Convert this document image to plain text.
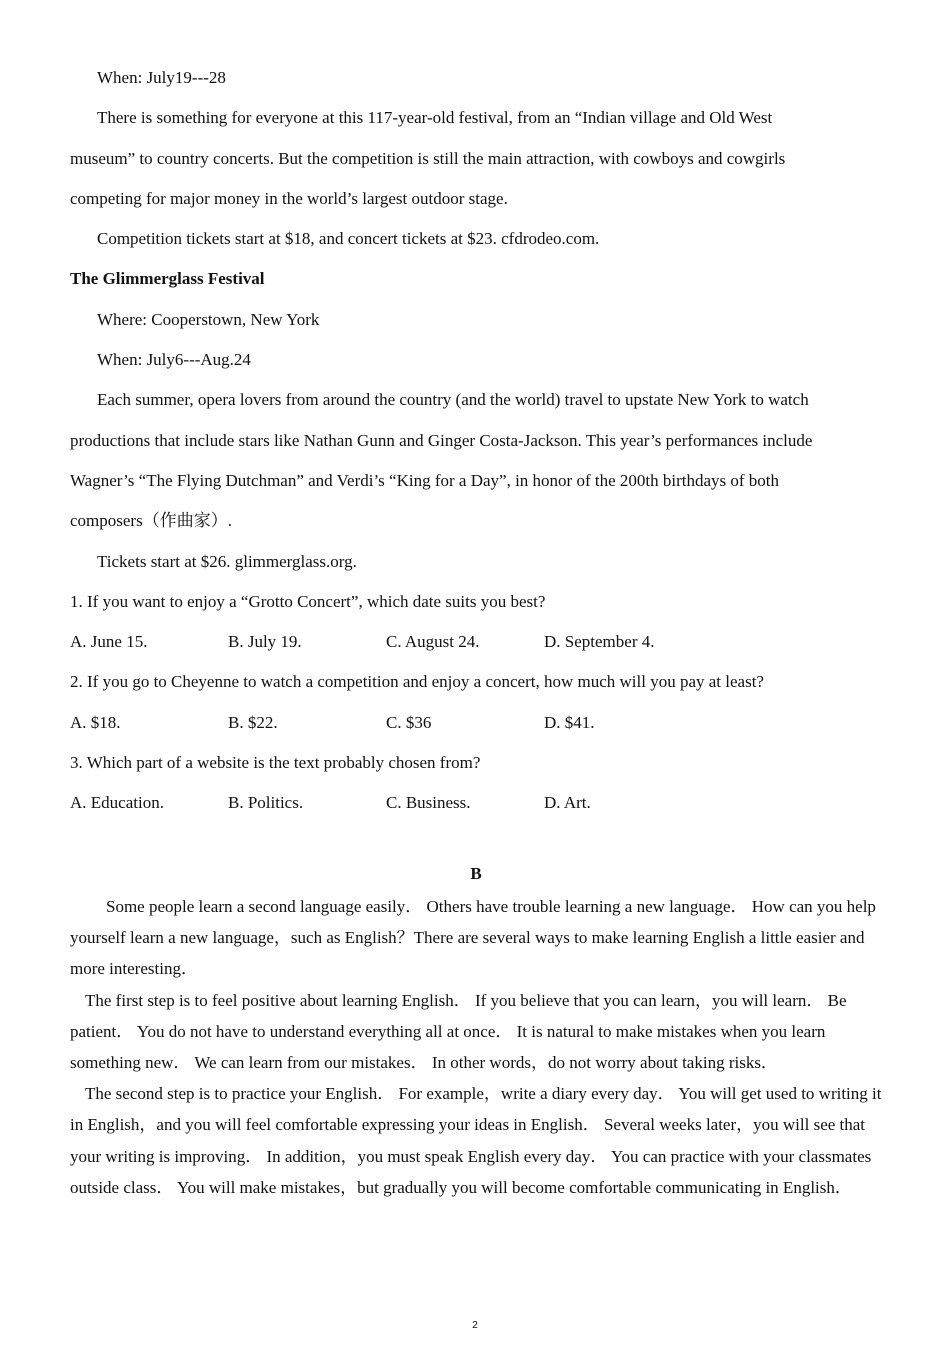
When: July19---28

There is something for everyone at this 117-year-old festival, from an “Indian village and Old West

museum” to country concerts. But the competition is still the main attraction, with cowboys and cowgirls

competing for major money in the world’s largest outdoor stage.

Competition tickets start at $18, and concert tickets at $23. cfdrodeo.com.

The Glimmerglass Festival

Where: Cooperstown, New York

When: July6---Aug.24

Each summer, opera lovers from around the country (and the world) travel to upstate New York to watch

productions that include stars like Nathan Gunn and Ginger Costa-Jackson. This year’s performances include

Wagner’s “The Flying Dutchman” and Verdi’s “King for a Day”, in honor of the 200th birthdays of both

composers（作曲家）.

Tickets start at $26. glimmerglass.org.

1. If you want to enjoy a “Grotto Concert”, which date suits you best?

A. June 15.	B. July 19.	C. August 24.	D. September 4.

2. If you go to Cheyenne to watch a competition and enjoy a concert, how much will you pay at least?

A. $18.	B. $22.	C. $36	D. $41.

3. Which part of a website is the text probably chosen from?

A. Education.	B. Politics.	C. Business.	D. Art.

B

Some people learn a second language easily． Others have trouble learning a new language． How can you help yourself learn a new language，such as English？There are several ways to make learning English a little easier and more interesting．

The first step is to feel positive about learning English． If you believe that you can learn，you will learn． Be patient． You do not have to understand everything all at once． It is natural to make mistakes when you learn something new． We can learn from our mistakes． In other words，do not worry about taking risks．

The second step is to practice your English． For example，write a diary every day． You will get used to writing it in English，and you will feel comfortable expressing your ideas in English． Several weeks later，you will see that your writing is improving． In addition，you must speak English every day． You can practice with your classmates outside class． You will make mistakes，but gradually you will become comfortable communicating in English．

2
